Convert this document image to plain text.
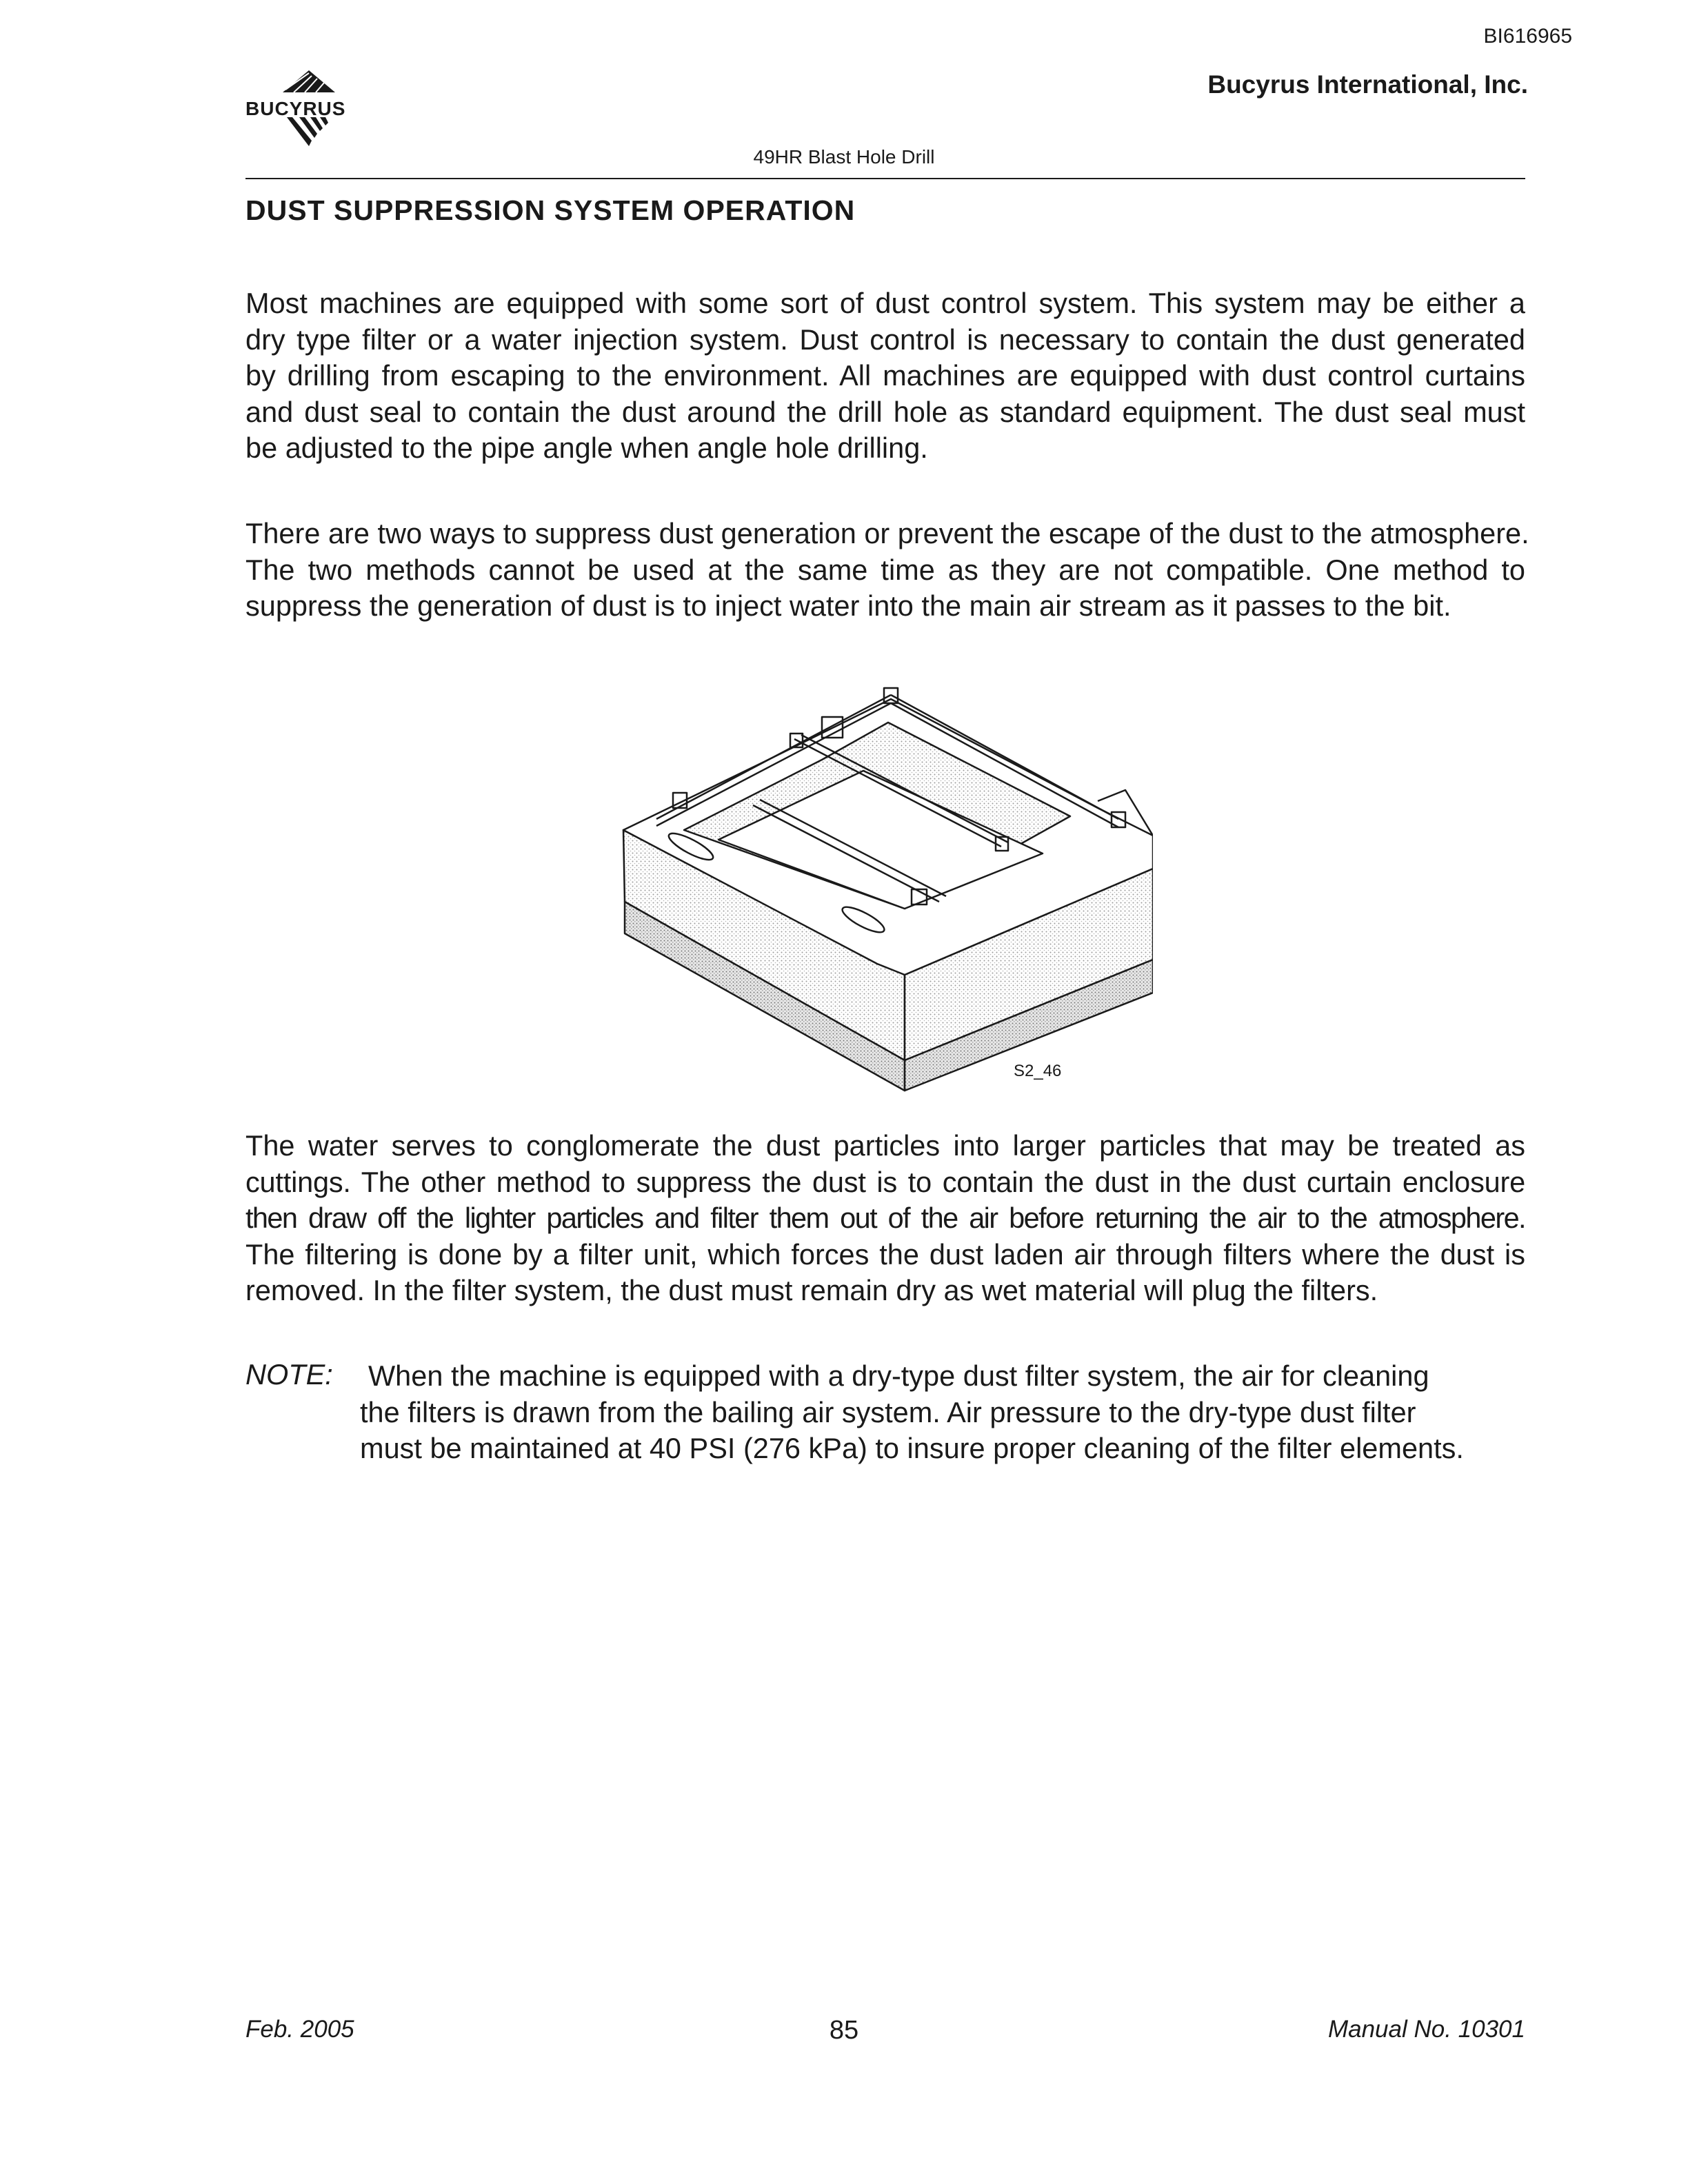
BI616965
Bucyrus International, Inc.
BUCYRUS
49HR Blast Hole Drill
DUST SUPPRESSION SYSTEM OPERATION
Most machines are equipped with some sort of dust control system. This system may be either a
dry type filter or a water injection system. Dust control is necessary to contain the dust generated
by drilling from escaping to the environment. All machines are equipped with dust control curtains
and dust seal to contain the dust around the drill hole as standard equipment. The dust seal must
be adjusted to the pipe angle when angle hole drilling.
There are two ways to suppress dust generation or prevent the escape of the dust to the atmosphere.
The two methods cannot be used at the same time as they are not compatible. One method to
suppress the generation of dust is to inject water into the main air stream as it passes to the bit.
S2_46
The water serves to conglomerate the dust particles into larger particles that may be treated as
cuttings. The other method to suppress the dust is to contain the dust in the dust curtain enclosure
then draw off the lighter particles and filter them out of the air before returning the air to the atmosphere.
The filtering is done by a filter unit, which forces the dust laden air through filters where the dust is
removed. In the filter system, the dust must remain dry as wet material will plug the filters.
NOTE: When the machine is equipped with a dry-type dust filter system, the air for cleaning
the filters is drawn from the bailing air system. Air pressure to the dry-type dust filter
must be maintained at 40 PSI (276 kPa) to insure proper cleaning of the filter elements.
Feb. 2005	85	Manual No. 10301
